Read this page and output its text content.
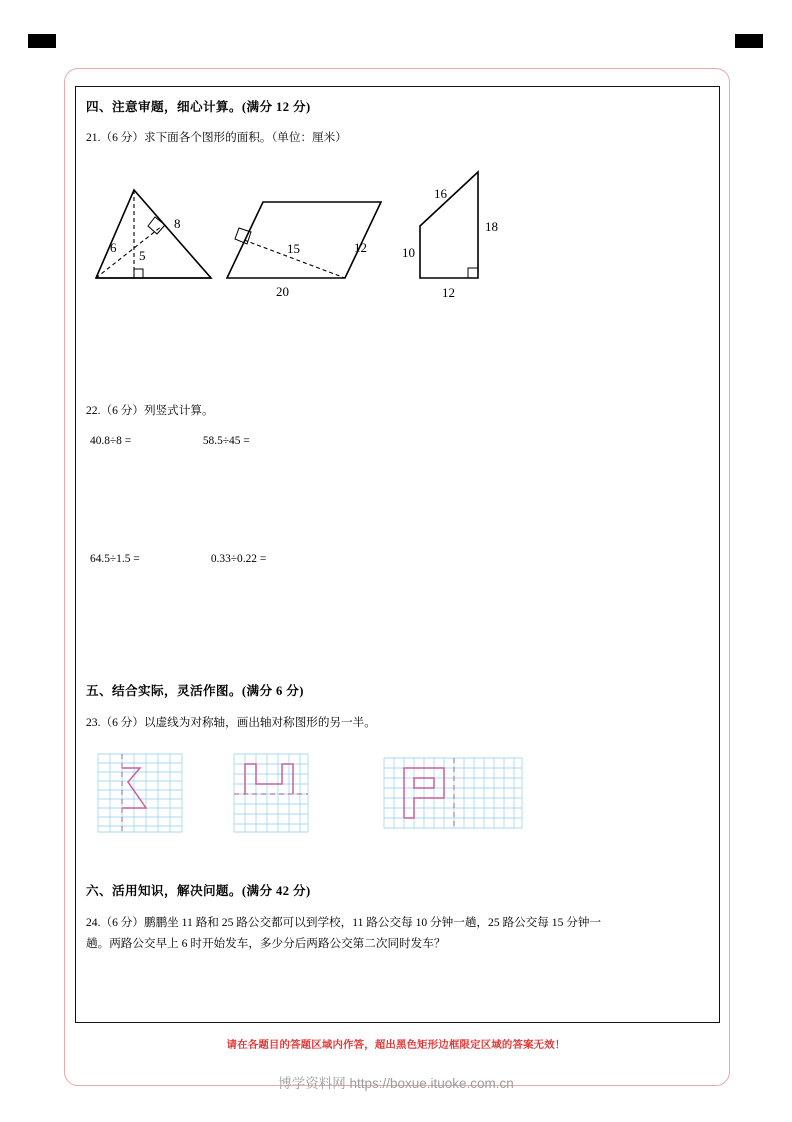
四、注意审题，细心计算。(满分 12 分)

21.（6 分）求下面各个图形的面积。（单位：厘米）

6
8
5	15	12
20
16
10
18
12

22.（6 分）列竖式计算。

40.8÷8 =	58.5÷45 =
64.5÷1.5 =	0.33÷0.22 =
五、结合实际，灵活作图。(满分 6 分)

23.（6 分）以虚线为对称轴，画出轴对称图形的另一半。

六、活用知识，解决问题。(满分 42 分)

24.（6 分）鹏鹏坐 11 路和 25 路公交都可以到学校，11 路公交每 10 分钟一趟，25 路公交每 15 分钟一

趟。两路公交早上 6 时开始发车，多少分后两路公交第二次同时发车？

请在各题目的答题区域内作答，超出黑色矩形边框限定区域的答案无效！
博学资料网 https://boxue.ituoke.com.cn
